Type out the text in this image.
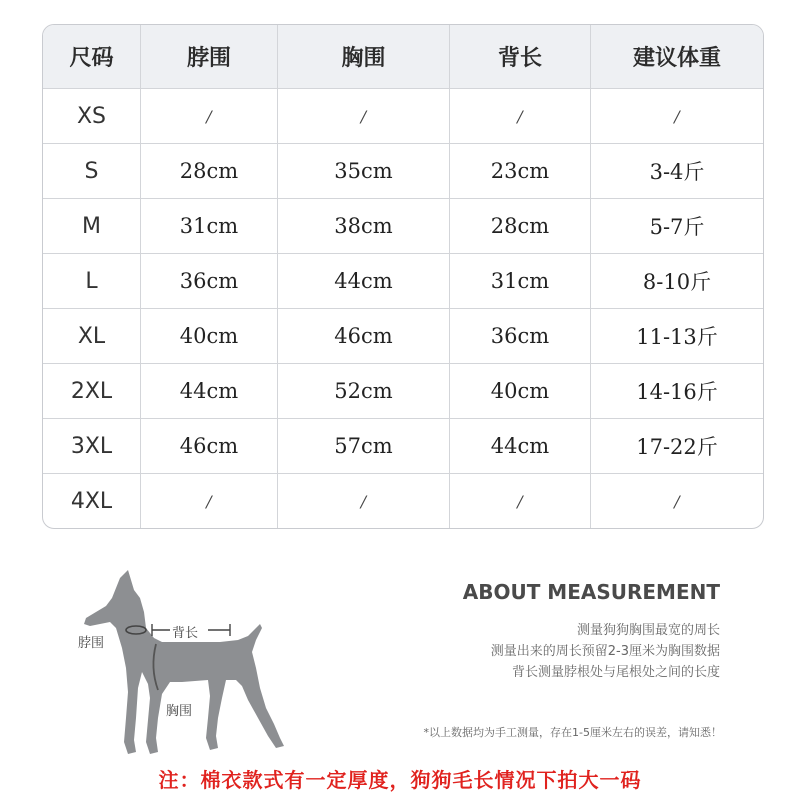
尺码	脖围	胸围	背长	建议体重
XS	/	/	/	/
S	28cm	35cm	23cm	3-4斤
M	31cm	38cm	28cm	5-7斤
L	36cm	44cm	31cm	8-10斤
XL	40cm	46cm	36cm	11-13斤
2XL	44cm	52cm	40cm	14-16斤
3XL	46cm	57cm	44cm	17-22斤
4XL	/	/	/	/
脖围
背长
胸围
ABOUT MEASUREMENT
测量狗狗胸围最宽的周长
测量出来的周长预留2-3厘米为胸围数据
背长测量脖根处与尾根处之间的长度
*以上数据均为手工测量，存在1-5厘米左右的误差，请知悉！
注：棉衣款式有一定厚度，狗狗毛长情况下拍大一码
